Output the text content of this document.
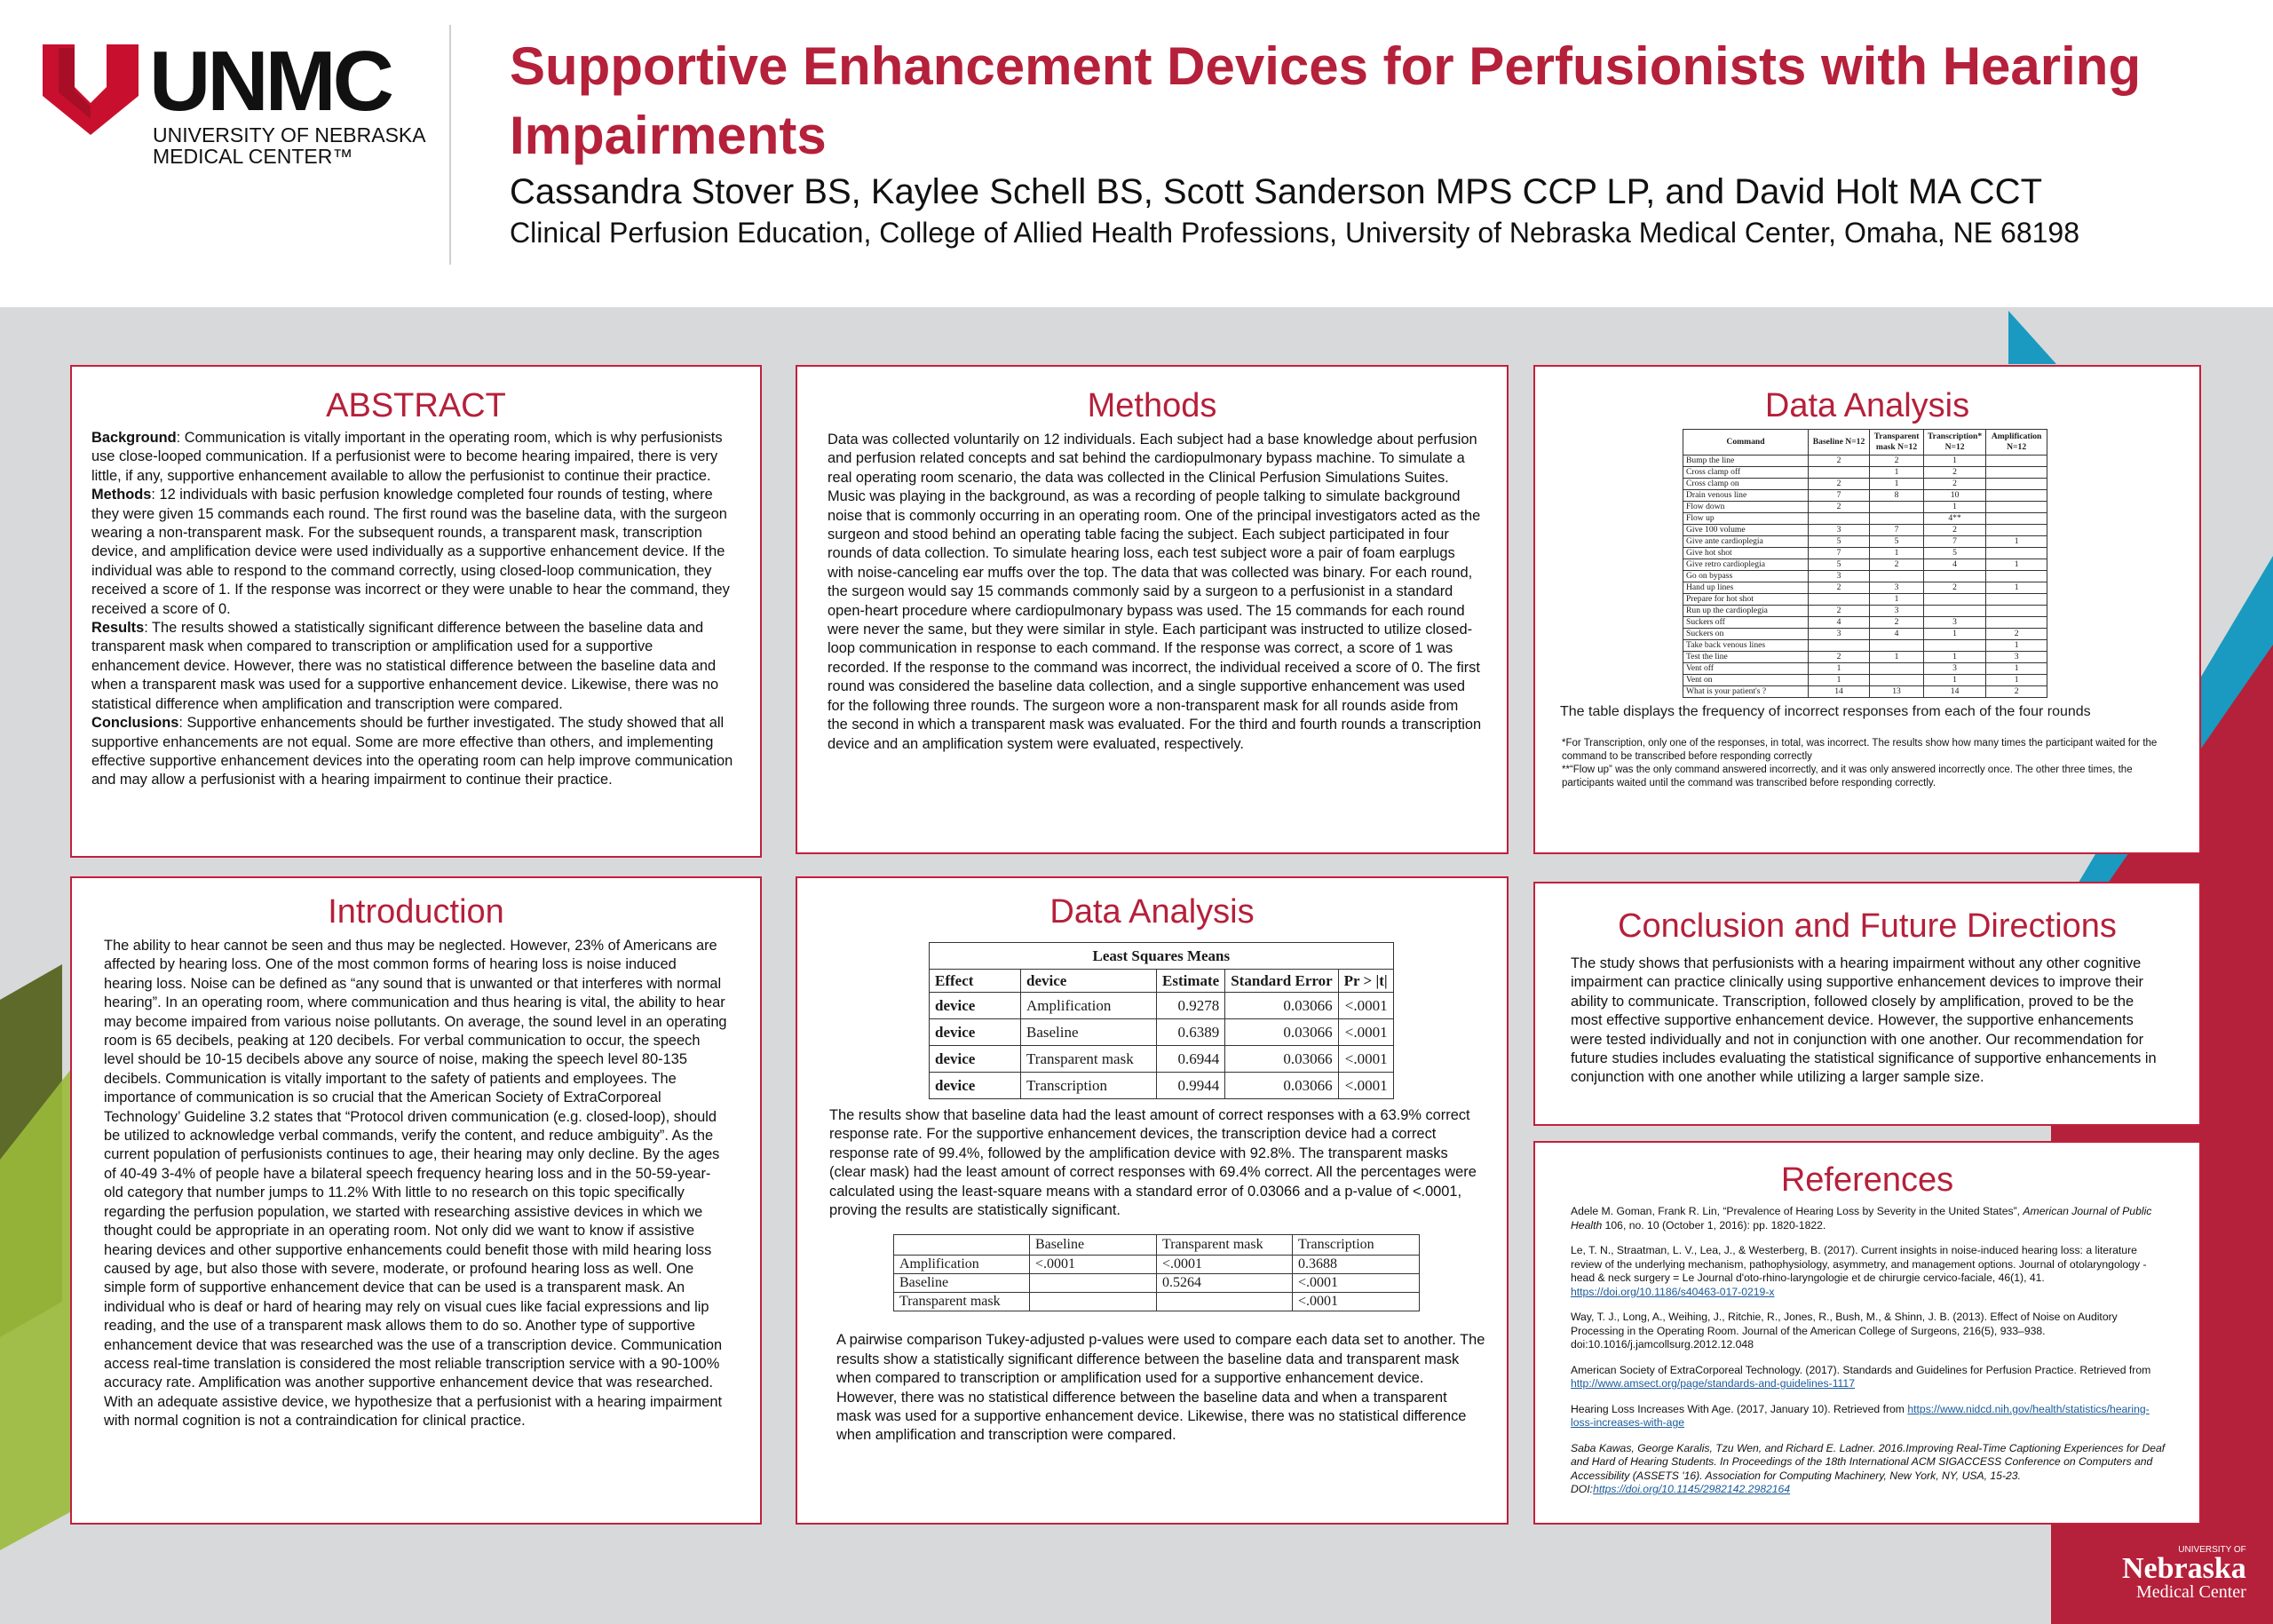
UNMC
UNIVERSITY OF NEBRASKA
MEDICAL CENTER™
Supportive Enhancement Devices for Perfusionists with Hearing Impairments
Cassandra Stover BS, Kaylee Schell BS, Scott Sanderson MPS CCP LP, and David Holt MA CCT
Clinical Perfusion Education, College of Allied Health Professions, University of Nebraska Medical Center, Omaha, NE 68198
UNIVERSITY OF
Nebraska
Medical Center
ABSTRACT

Background: Communication is vitally important in the operating room, which is why perfusionists use close-looped communication. If a perfusionist were to become hearing impaired, there is very little, if any, supportive enhancement available to allow the perfusionist to continue their practice.

Methods: 12 individuals with basic perfusion knowledge completed four rounds of testing, where they were given 15 commands each round. The first round was the baseline data, with the surgeon wearing a non-transparent mask. For the subsequent rounds, a transparent mask, transcription device, and amplification device were used individually as a supportive enhancement device. If the individual was able to respond to the command correctly, using closed-loop communication, they received a score of 1. If the response was incorrect or they were unable to hear the command, they received a score of 0.

Results: The results showed a statistically significant difference between the baseline data and transparent mask when compared to transcription or amplification used for a supportive enhancement device. However, there was no statistical difference between the baseline data and when a transparent mask was used for a supportive enhancement device. Likewise, there was no statistical difference when amplification and transcription were compared.

Conclusions: Supportive enhancements should be further investigated. The study showed that all supportive enhancements are not equal. Some are more effective than others, and implementing effective supportive enhancement devices into the operating room can help improve communication and may allow a perfusionist with a hearing impairment to continue their practice.

Methods
Data was collected voluntarily on 12 individuals. Each subject had a base knowledge about perfusion and perfusion related concepts and sat behind the cardiopulmonary bypass machine. To simulate a real operating room scenario, the data was collected in the Clinical Perfusion Simulations Suites. Music was playing in the background, as was a recording of people talking to simulate background noise that is commonly occurring in an operating room. One of the principal investigators acted as the surgeon and stood behind an operating table facing the subject. Each subject participated in four rounds of data collection. To simulate hearing loss, each test subject wore a pair of foam earplugs with noise-canceling ear muffs over the top. The data that was collected was binary. For each round, the surgeon would say 15 commands commonly said by a surgeon to a perfusionist in a standard open-heart procedure where cardiopulmonary bypass was used. The 15 commands for each round were never the same, but they were similar in style. Each participant was instructed to utilize closed-loop communication in response to each command. If the response was correct, a score of 1 was recorded. If the response to the command was incorrect, the individual received a score of 0. The first round was considered the baseline data collection, and a single supportive enhancement was used for the following three rounds. The surgeon wore a non-transparent mask for all rounds aside from the second in which a transparent mask was evaluated. For the third and fourth rounds a transcription device and an amplification system were evaluated, respectively.
Data Analysis
Command	Baseline N=12	Transparent mask N=12	Transcription* N=12	Amplification N=12
Bump the line	2	2	1	
Cross clamp off		1	2	
Cross clamp on	2	1	2	
Drain venous line	7	8	10	
Flow down	2		1	
Flow up			4**	
Give 100 volume	3	7	2	
Give ante cardioplegia	5	5	7	1
Give hot shot	7	1	5	
Give retro cardioplegia	5	2	4	1
Go on bypass	3			
Hand up lines	2	3	2	1
Prepare for hot shot		1		
Run up the cardioplegia	2	3		
Suckers off	4	2	3	
Suckers on	3	4	1	2
Take back venous lines				1
Test the line	2	1	1	3
Vent off	1		3	1
Vent on	1		1	1
What is your patient's ?	14	13	14	2
The table displays the frequency of incorrect responses from each of the four rounds
*For Transcription, only one of the responses, in total, was incorrect. The results show how many times the participant waited for the command to be transcribed before responding correctly
**“Flow up” was the only command answered incorrectly, and it was only answered incorrectly once. The other three times, the participants waited until the command was transcribed before responding correctly.
Introduction
The ability to hear cannot be seen and thus may be neglected. However, 23% of Americans are affected by hearing loss. One of the most common forms of hearing loss is noise induced hearing loss. Noise can be defined as “any sound that is unwanted or that interferes with normal hearing”. In an operating room, where communication and thus hearing is vital, the ability to hear may become impaired from various noise pollutants. On average, the sound level in an operating room is 65 decibels, peaking at 120 decibels. For verbal communication to occur, the speech level should be 10-15 decibels above any source of noise, making the speech level 80-135 decibels. Communication is vitally important to the safety of patients and employees. The importance of communication is so crucial that the American Society of ExtraCorporeal Technology’ Guideline 3.2 states that “Protocol driven communication (e.g. closed-loop), should be utilized to acknowledge verbal commands, verify the content, and reduce ambiguity”. As the current population of perfusionists continues to age, their hearing may only decline. By the ages of 40-49 3-4% of people have a bilateral speech frequency hearing loss and in the 50-59-year-old category that number jumps to 11.2% With little to no research on this topic specifically regarding the perfusion population, we started with researching assistive devices in which we thought could be appropriate in an operating room. Not only did we want to know if assistive hearing devices and other supportive enhancements could benefit those with mild hearing loss caused by age, but also those with severe, moderate, or profound hearing loss as well. One simple form of supportive enhancement device that can be used is a transparent mask. An individual who is deaf or hard of hearing may rely on visual cues like facial expressions and lip reading, and the use of a transparent mask allows them to do so. Another type of supportive enhancement device that was researched was the use of a transcription device. Communication access real-time translation is considered the most reliable transcription service with a 90-100% accuracy rate. Amplification was another supportive enhancement device that was researched. With an adequate assistive device, we hypothesize that a perfusionist with a hearing impairment with normal cognition is not a contraindication for clinical practice.
Data Analysis
Least Squares Means				
Effect	device	Estimate	Standard Error	Pr > |t|
device	Amplification	0.9278	0.03066	<.0001
device	Baseline	0.6389	0.03066	<.0001
device	Transparent mask	0.6944	0.03066	<.0001
device	Transcription	0.9944	0.03066	<.0001
The results show that baseline data had the least amount of correct responses with a 63.9% correct response rate. For the supportive enhancement devices, the transcription device had a correct response rate of 99.4%, followed by the amplification device with 92.8%. The transparent masks (clear mask) had the least amount of correct responses with 69.4% correct. All the percentages were calculated using the least-square means with a standard error of 0.03066 and a p-value of <.0001, proving the results are statistically significant.
	Baseline	Transparent mask	Transcription
Amplification	<.0001	<.0001	0.3688
Baseline		0.5264	<.0001
Transparent mask			<.0001
A pairwise comparison Tukey-adjusted p-values were used to compare each data set to another. The results show a statistically significant difference between the baseline data and transparent mask when compared to transcription or amplification used for a supportive enhancement device. However, there was no statistical difference between the baseline data and when a transparent mask was used for a supportive enhancement device. Likewise, there was no statistical difference when amplification and transcription were compared.
Conclusion and Future Directions
The study shows that perfusionists with a hearing impairment without any other cognitive impairment can practice clinically using supportive enhancement devices to improve their ability to communicate. Transcription, followed closely by amplification, proved to be the most effective supportive enhancement device. However, the supportive enhancements were tested individually and not in conjunction with one another. Our recommendation for future studies includes evaluating the statistical significance of supportive enhancements in conjunction with one another while utilizing a larger sample size.
References

Adele M. Goman, Frank R. Lin, “Prevalence of Hearing Loss by Severity in the United States”, American Journal of Public Health 106, no. 10 (October 1, 2016): pp. 1820-1822.

Le, T. N., Straatman, L. V., Lea, J., & Westerberg, B. (2017). Current insights in noise-induced hearing loss: a literature review of the underlying mechanism, pathophysiology, asymmetry, and management options. Journal of otolaryngology - head & neck surgery = Le Journal d'oto-rhino-laryngologie et de chirurgie cervico-faciale, 46(1), 41.
https://doi.org/10.1186/s40463-017-0219-x

Way, T. J., Long, A., Weihing, J., Ritchie, R., Jones, R., Bush, M., & Shinn, J. B. (2013). Effect of Noise on Auditory Processing in the Operating Room. Journal of the American College of Surgeons, 216(5), 933–938. doi:10.1016/j.jamcollsurg.2012.12.048

American Society of ExtraCorporeal Technology. (2017). Standards and Guidelines for Perfusion Practice. Retrieved from http://www.amsect.org/page/standards-and-guidelines-1117

Hearing Loss Increases With Age. (2017, January 10). Retrieved from https://www.nidcd.nih.gov/health/statistics/hearing-loss-increases-with-age

Saba Kawas, George Karalis, Tzu Wen, and Richard E. Ladner. 2016.Improving Real-Time Captioning Experiences for Deaf and Hard of Hearing Students. In Proceedings of the 18th International ACM SIGACCESS Conference on Computers and Accessibility (ASSETS '16). Association for Computing Machinery, New York, NY, USA, 15-23. DOI:https://doi.org/10.1145/2982142.2982164
